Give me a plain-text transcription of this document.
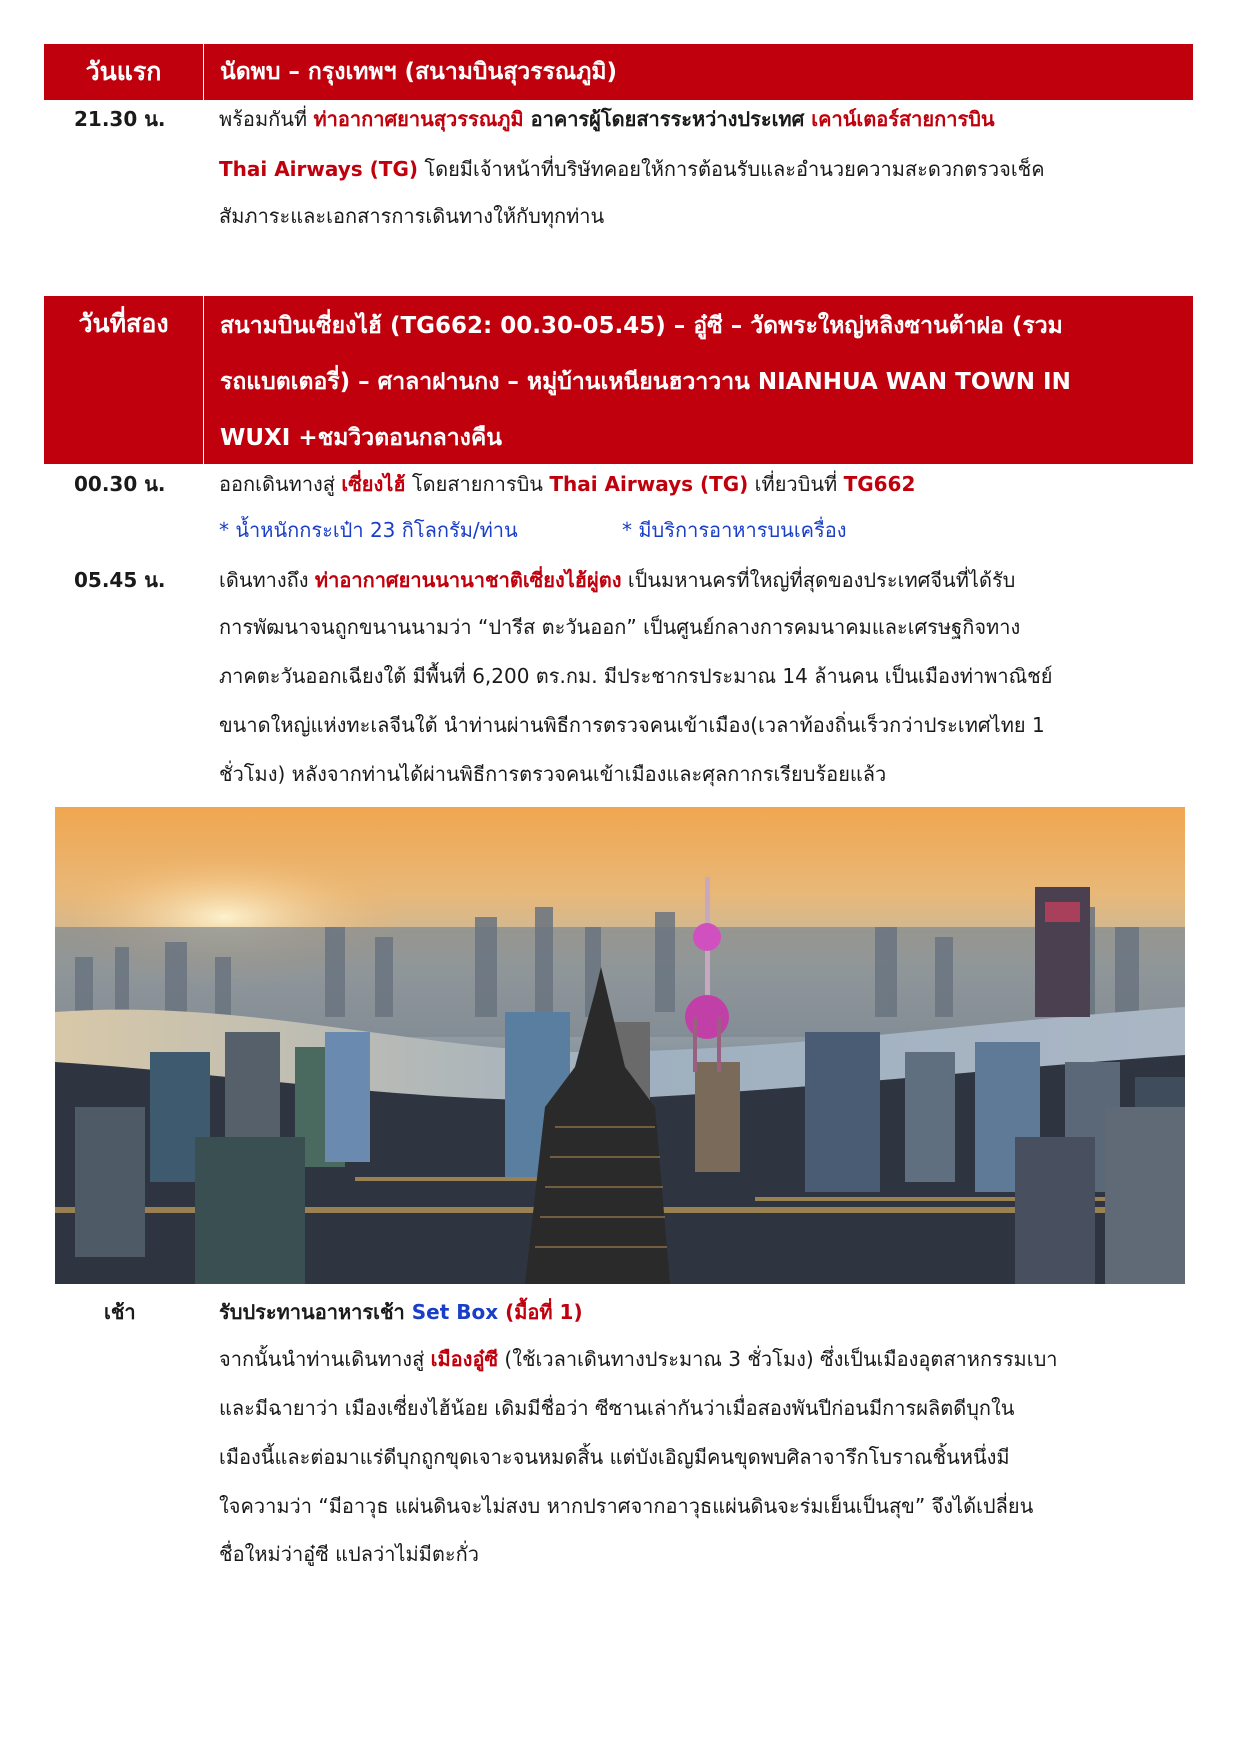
วันแรก	นัดพบ – กรุงเทพฯ (สนามบินสุวรรณภูมิ)
21.30 น.	พร้อมกันที่ ท่าอากาศยานสุวรรณภูมิ อาคารผู้โดยสารระหว่างประเทศ เคาน์เตอร์สายการบิน
Thai Airways (TG) โดยมีเจ้าหน้าที่บริษัทคอยให้การต้อนรับและอำนวยความสะดวกตรวจเช็ค
สัมภาระและเอกสารการเดินทางให้กับทุกท่าน
วันที่สอง	สนามบินเซี่ยงไฮ้ (TG662: 00.30-05.45) – อู๋ซี – วัดพระใหญ่หลิงซานต้าฝอ (รวม
รถแบตเตอรี่) – ศาลาฝานกง – หมู่บ้านเหนียนฮวาวาน NIANHUA WAN TOWN IN
WUXI +ชมวิวตอนกลางคืน
00.30 น.	ออกเดินทางสู่ เซี่ยงไฮ้ โดยสายการบิน Thai Airways (TG) เที่ยวบินที่ TG662
* น้ำหนักกระเป๋า 23 กิโลกรัม/ท่าน	* มีบริการอาหารบนเครื่อง
05.45 น.	เดินทางถึง ท่าอากาศยานนานาชาติเซี่ยงไฮ้ผู่ตง เป็นมหานครที่ใหญ่ที่สุดของประเทศจีนที่ได้รับ
การพัฒนาจนถูกขนานนามว่า “ปารีส ตะวันออก” เป็นศูนย์กลางการคมนาคมและเศรษฐกิจทาง
ภาคตะวันออกเฉียงใต้ มีพื้นที่ 6,200 ตร.กม. มีประชากรประมาณ 14 ล้านคน เป็นเมืองท่าพาณิชย์
ขนาดใหญ่แห่งทะเลจีนใต้ นำท่านผ่านพิธีการตรวจคนเข้าเมือง(เวลาท้องถิ่นเร็วกว่าประเทศไทย 1
ชั่วโมง) หลังจากท่านได้ผ่านพิธีการตรวจคนเข้าเมืองและศุลกากรเรียบร้อยแล้ว
เช้า	รับประทานอาหารเช้า Set Box (มื้อที่ 1)
จากนั้นนำท่านเดินทางสู่ เมืองอู๋ซี (ใช้เวลาเดินทางประมาณ 3 ชั่วโมง) ซึ่งเป็นเมืองอุตสาหกรรมเบา
และมีฉายาว่า เมืองเซี่ยงไฮ้น้อย เดิมมีชื่อว่า ซีซานเล่ากันว่าเมื่อสองพันปีก่อนมีการผลิตดีบุกใน
เมืองนี้และต่อมาแร่ดีบุกถูกขุดเจาะจนหมดสิ้น แต่บังเอิญมีคนขุดพบศิลาจารึกโบราณชิ้นหนึ่งมี
ใจความว่า “มีอาวุธ แผ่นดินจะไม่สงบ หากปราศจากอาวุธแผ่นดินจะร่มเย็นเป็นสุข” จึงได้เปลี่ยน
ชื่อใหม่ว่าอู๋ซี แปลว่าไม่มีตะกั่ว
